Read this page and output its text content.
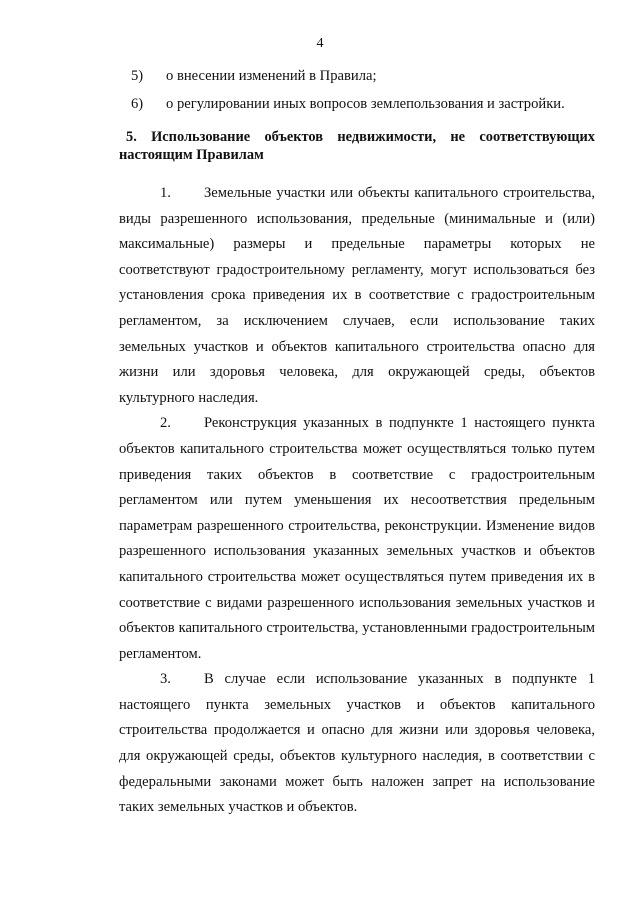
4
5) о внесении изменений в Правила;
6) о регулировании иных вопросов землепользования и застройки.
5. Использование объектов недвижимости, не соответствующих настоящим Правилам

1. Земельные участки или объекты капитального строительства, виды разрешенного использования, предельные (минимальные и (или) максимальные) размеры и предельные параметры которых не соответствуют градостроительному регламенту, могут использоваться без установления срока приведения их в соответствие с градостроительным регламентом, за исключением случаев, если использование таких земельных участков и объектов капитального строительства опасно для жизни или здоровья человека, для окружающей среды, объектов культурного наследия.

2. Реконструкция указанных в подпункте 1 настоящего пункта объектов капитального строительства может осуществляться только путем приведения таких объектов в соответствие с градостроительным регламентом или путем уменьшения их несоответствия предельным параметрам разрешенного строительства, реконструкции. Изменение видов разрешенного использования указанных земельных участков и объектов капитального строительства может осуществляться путем приведения их в соответствие с видами разрешенного использования земельных участков и объектов капитального строительства, установленными градостроительным регламентом.

3. В случае если использование указанных в подпункте 1 настоящего пункта земельных участков и объектов капитального строительства продолжается и опасно для жизни или здоровья человека, для окружающей среды, объектов культурного наследия, в соответствии с федеральными законами может быть наложен запрет на использование таких земельных участков и объектов.
